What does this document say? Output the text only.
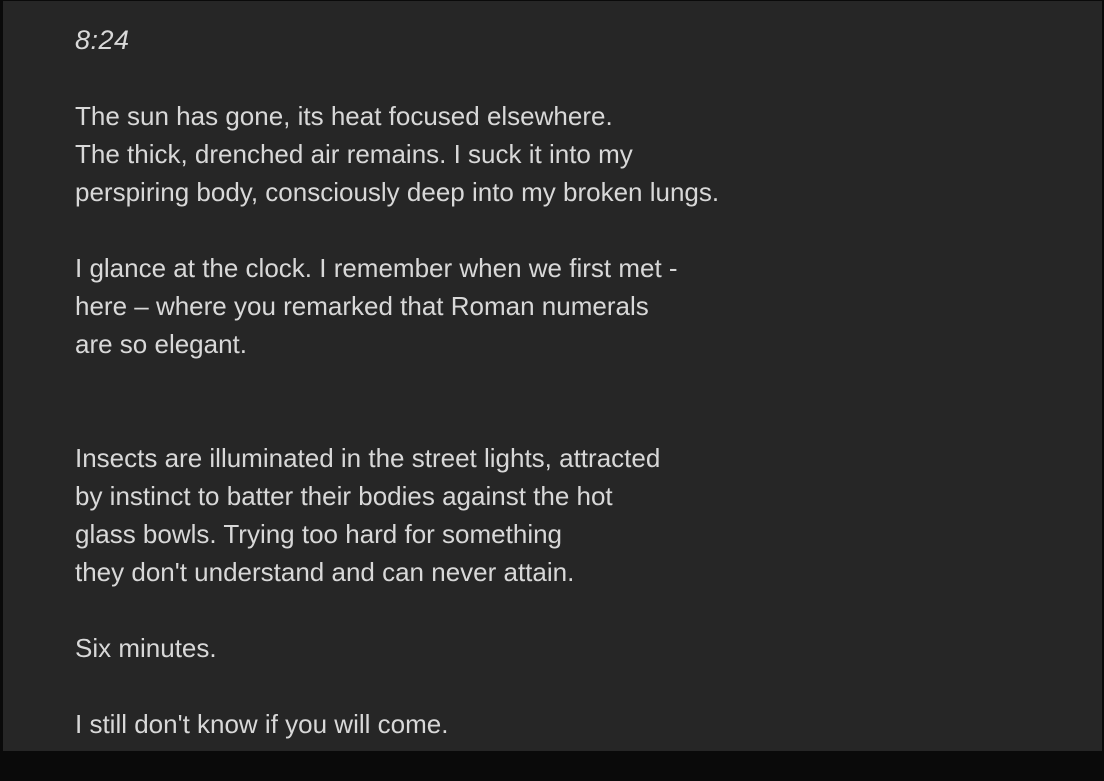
8:24
The sun has gone, its heat focused elsewhere.
The thick, drenched air remains. I suck it into my
perspiring body, consciously deep into my broken lungs.
I glance at the clock. I remember when we first met -
here – where you remarked that Roman numerals
are so elegant.
Insects are illuminated in the street lights, attracted
by instinct to batter their bodies against the hot
glass bowls. Trying too hard for something
they don't understand and can never attain.
Six minutes.
I still don't know if you will come.
